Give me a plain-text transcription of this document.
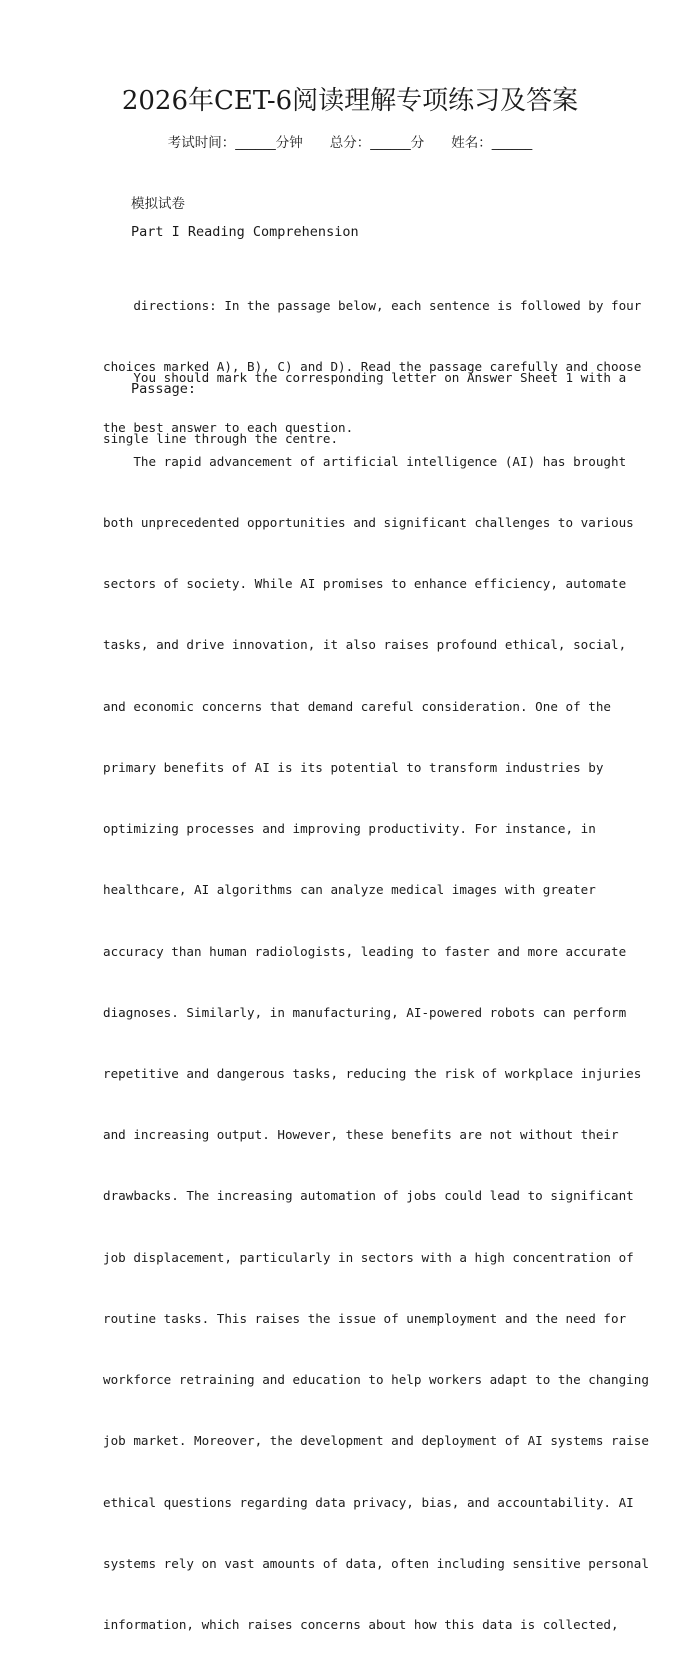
2026年CET-6阅读理解专项练习及答案
考试时间：______分钟　　总分：______分　　姓名：______
模拟试卷
Part I Reading Comprehension

directions: In the passage below, each sentence is followed by four

choices marked A), B), C) and D). Read the passage carefully and choose

the best answer to each question.

You should mark the corresponding letter on Answer Sheet 1 with a

single line through the centre.

Passage:

The rapid advancement of artificial intelligence (AI) has brought

both unprecedented opportunities and significant challenges to various

sectors of society. While AI promises to enhance efficiency, automate

tasks, and drive innovation, it also raises profound ethical, social,

and economic concerns that demand careful consideration. One of the

primary benefits of AI is its potential to transform industries by

optimizing processes and improving productivity. For instance, in

healthcare, AI algorithms can analyze medical images with greater

accuracy than human radiologists, leading to faster and more accurate

diagnoses. Similarly, in manufacturing, AI-powered robots can perform

repetitive and dangerous tasks, reducing the risk of workplace injuries

and increasing output. However, these benefits are not without their

drawbacks. The increasing automation of jobs could lead to significant

job displacement, particularly in sectors with a high concentration of

routine tasks. This raises the issue of unemployment and the need for

workforce retraining and education to help workers adapt to the changing

job market. Moreover, the development and deployment of AI systems raise

ethical questions regarding data privacy, bias, and accountability. AI

systems rely on vast amounts of data, often including sensitive personal

information, which raises concerns about how this data is collected,
